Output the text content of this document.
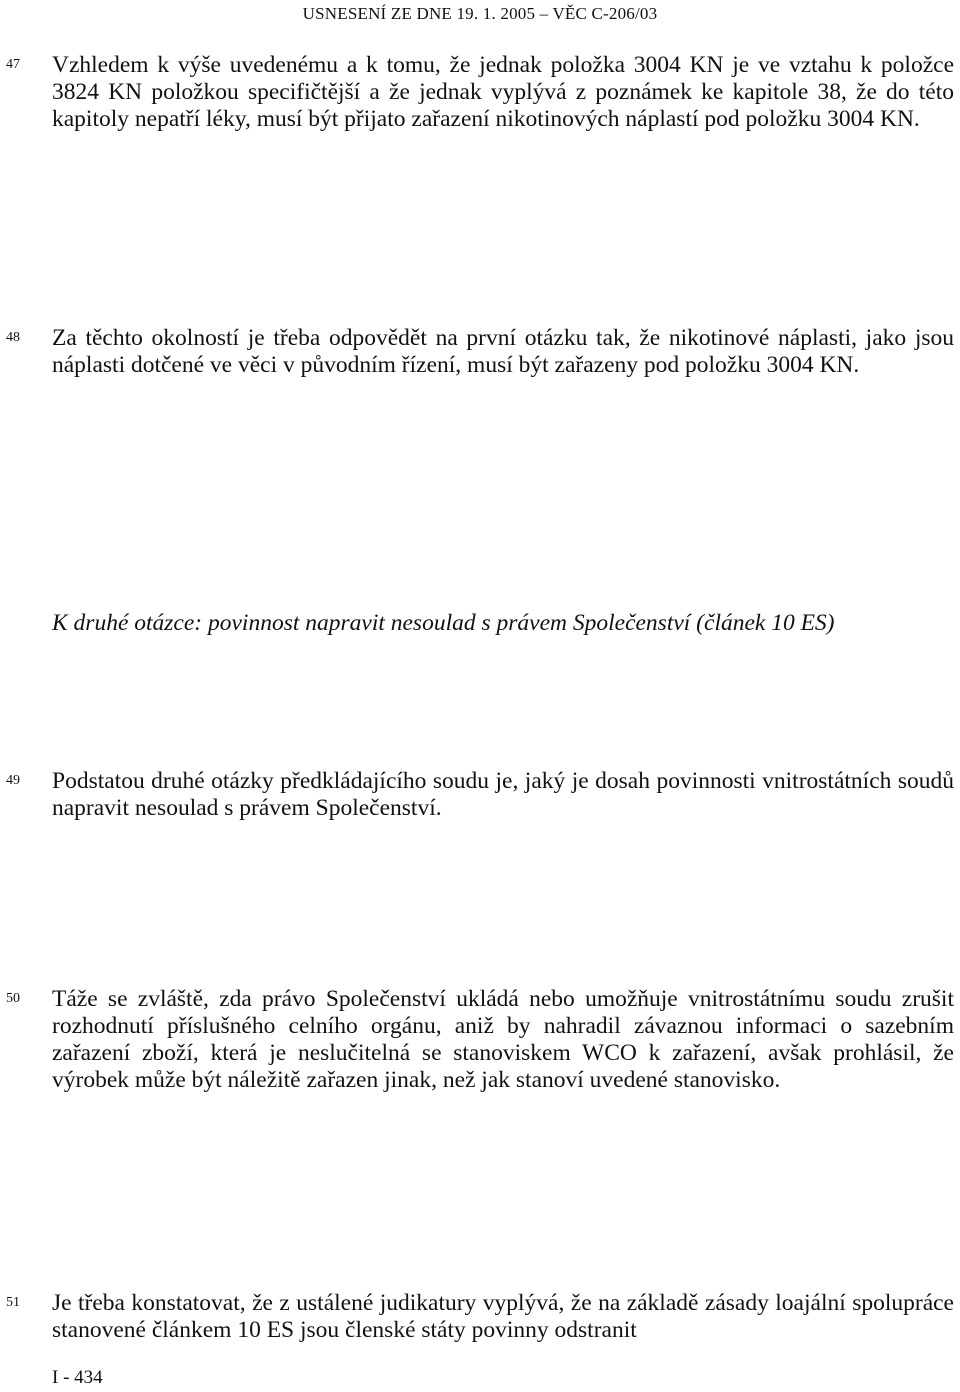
USNESENÍ ZE DNE 19. 1. 2005 – VĚC C-206/03

47	Vzhledem k výše uvedenému a k tomu, že jednak položka 3004 KN je ve vztahu k položce 3824 KN položkou specifičtější a že jednak vyplývá z poznámek ke kapitole 38, že do této kapitoly nepatří léky, musí být přijato zařazení nikotinových náplastí pod položku 3004 KN.

48	Za těchto okolností je třeba odpovědět na první otázku tak, že nikotinové náplasti, jako jsou náplasti dotčené ve věci v původním řízení, musí být zařazeny pod položku 3004 KN.

K druhé otázce: povinnost napravit nesoulad s právem Společenství (článek 10 ES)

49	Podstatou druhé otázky předkládajícího soudu je, jaký je dosah povinnosti vnitrostátních soudů napravit nesoulad s právem Společenství.

50	Táže se zvláště, zda právo Společenství ukládá nebo umožňuje vnitrostátnímu soudu zrušit rozhodnutí příslušného celního orgánu, aniž by nahradil závaznou informaci o sazebním zařazení zboží, která je neslučitelná se stanoviskem WCO k zařazení, avšak prohlásil, že výrobek může být náležitě zařazen jinak, než jak stanoví uvedené stanovisko.

51	Je třeba konstatovat, že z ustálené judikatury vyplývá, že na základě zásady loajální spolupráce stanovené článkem 10 ES jsou členské státy povinny odstranit

I - 434
